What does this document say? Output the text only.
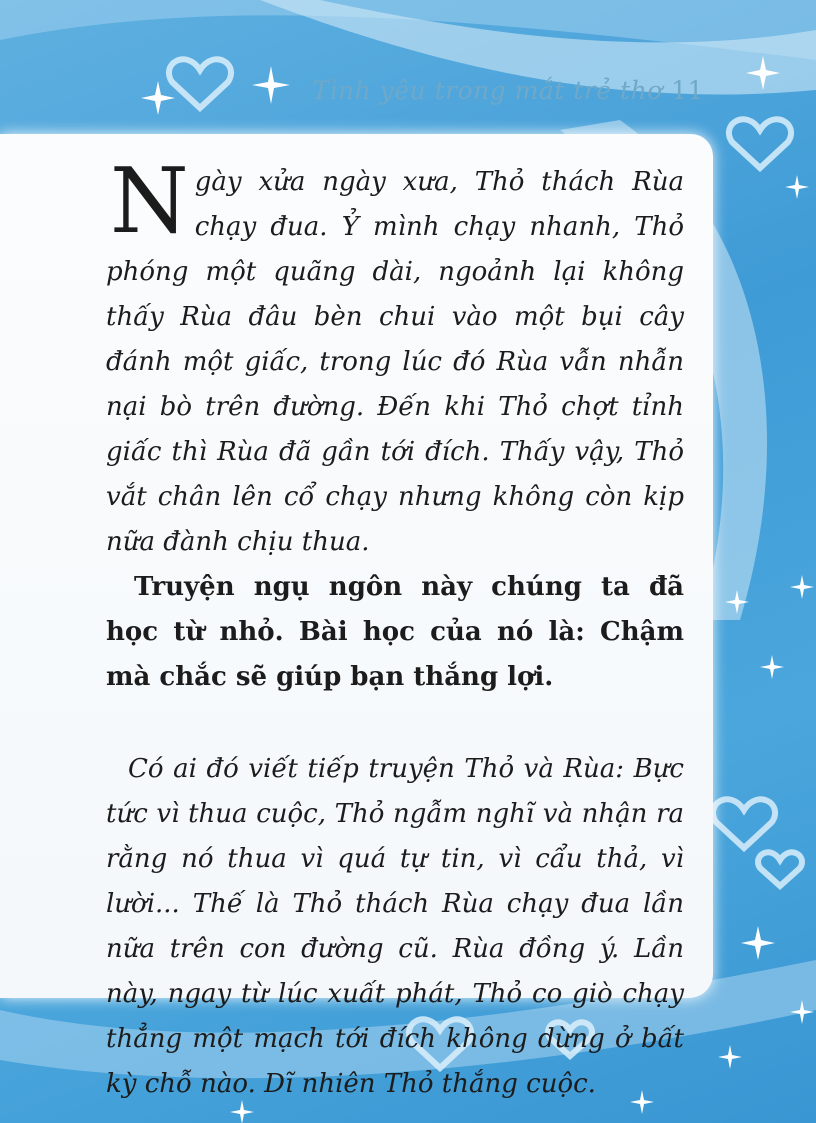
Tình yêu trong mắt trẻ thơ 11

Ngày xửa ngày xưa, Thỏ thách Rùa chạy đua. Ỷ mình chạy nhanh, Thỏ phóng một quãng dài, ngoảnh lại không thấy Rùa đâu bèn chui vào một bụi cây đánh một giấc, trong lúc đó Rùa vẫn nhẫn nại bò trên đường. Đến khi Thỏ chợt tỉnh giấc thì Rùa đã gần tới đích. Thấy vậy, Thỏ vắt chân lên cổ chạy nhưng không còn kịp nữa đành chịu thua.

Truyện ngụ ngôn này chúng ta đã học từ nhỏ. Bài học của nó là: Chậm mà chắc sẽ giúp bạn thắng lợi.

Có ai đó viết tiếp truyện Thỏ và Rùa: Bực tức vì thua cuộc, Thỏ ngẫm nghĩ và nhận ra rằng nó thua vì quá tự tin, vì cẩu thả, vì lười... Thế là Thỏ thách Rùa chạy đua lần nữa trên con đường cũ. Rùa đồng ý. Lần này, ngay từ lúc xuất phát, Thỏ co giò chạy thẳng một mạch tới đích không dừng ở bất kỳ chỗ nào. Dĩ nhiên Thỏ thắng cuộc.
